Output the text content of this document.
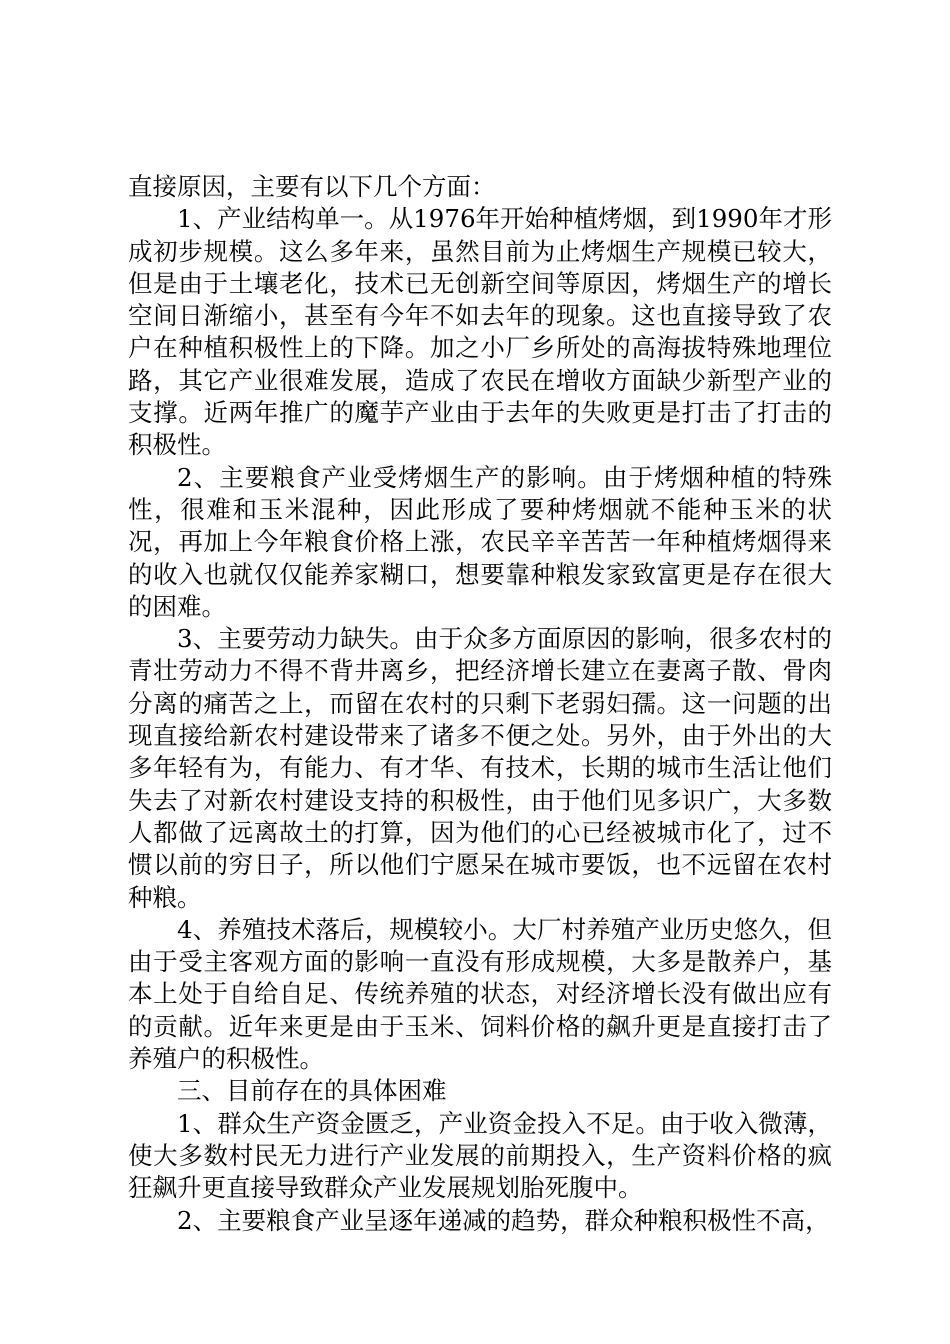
直接原因，主要有以下几个方面：

1、产业结构单一。从1976年开始种植烤烟，到1990年才形成初步规模。这么多年来，虽然目前为止烤烟生产规模已较大，但是由于土壤老化，技术已无创新空间等原因，烤烟生产的增长空间日渐缩小，甚至有今年不如去年的现象。这也直接导致了农户在种植积极性上的下降。加之小厂乡所处的高海拔特殊地理位路，其它产业很难发展，造成了农民在增收方面缺少新型产业的支撑。近两年推广的魔芋产业由于去年的失败更是打击了打击的积极性。

2、主要粮食产业受烤烟生产的影响。由于烤烟种植的特殊性，很难和玉米混种，因此形成了要种烤烟就不能种玉米的状况，再加上今年粮食价格上涨，农民辛辛苦苦一年种植烤烟得来的收入也就仅仅能养家糊口，想要靠种粮发家致富更是存在很大的困难。

3、主要劳动力缺失。由于众多方面原因的影响，很多农村的青壮劳动力不得不背井离乡，把经济增长建立在妻离子散、骨肉分离的痛苦之上，而留在农村的只剩下老弱妇孺。这一问题的出现直接给新农村建设带来了诸多不便之处。另外，由于外出的大多年轻有为，有能力、有才华、有技术，长期的城市生活让他们失去了对新农村建设支持的积极性，由于他们见多识广，大多数人都做了远离故土的打算，因为他们的心已经被城市化了，过不惯以前的穷日子，所以他们宁愿呆在城市要饭，也不远留在农村种粮。

4、养殖技术落后，规模较小。大厂村养殖产业历史悠久，但由于受主客观方面的影响一直没有形成规模，大多是散养户，基本上处于自给自足、传统养殖的状态，对经济增长没有做出应有的贡献。近年来更是由于玉米、饲料价格的飙升更是直接打击了养殖户的积极性。

三、目前存在的具体困难

1、群众生产资金匮乏，产业资金投入不足。由于收入微薄，使大多数村民无力进行产业发展的前期投入，生产资料价格的疯狂飙升更直接导致群众产业发展规划胎死腹中。

2、主要粮食产业呈逐年递减的趋势，群众种粮积极性不高，
